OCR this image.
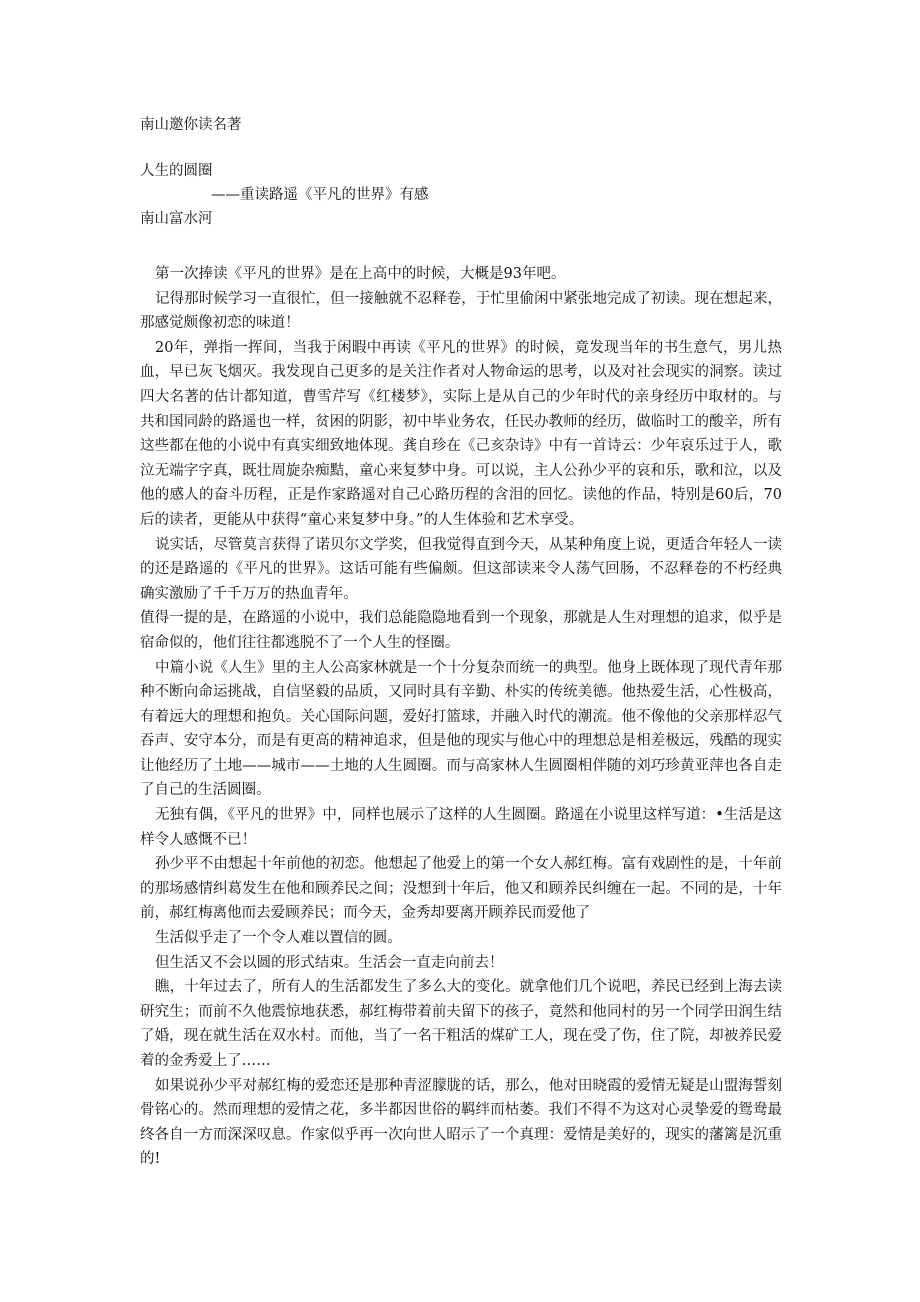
南山邀你读名著
人生的圆圈
——重读路遥《平凡的世界》有感
南山富水河

第一次捧读《平凡的世界》是在上高中的时候，大概是93年吧。

记得那时候学习一直很忙，但一接触就不忍释卷，于忙里偷闲中紧张地完成了初读。现在想起来，那感觉颇像初恋的味道！

20年，弹指一挥间，当我于闲暇中再读《平凡的世界》的时候，竟发现当年的书生意气，男儿热血，早已灰飞烟灭。我发现自己更多的是关注作者对人物命运的思考，以及对社会现实的洞察。读过四大名著的估计都知道，曹雪芹写《红楼梦》，实际上是从自己的少年时代的亲身经历中取材的。与共和国同龄的路遥也一样，贫困的阴影，初中毕业务农，任民办教师的经历，做临时工的酸辛，所有这些都在他的小说中有真实细致地体现。龚自珍在《己亥杂诗》中有一首诗云：少年哀乐过于人，歌泣无端字字真，既壮周旋杂痴黠，童心来复梦中身。可以说，主人公孙少平的哀和乐，歌和泣，以及他的感人的奋斗历程，正是作家路遥对自己心路历程的含泪的回忆。读他的作品，特别是60后，70后的读者，更能从中获得“童心来复梦中身。”的人生体验和艺术享受。

说实话，尽管莫言获得了诺贝尔文学奖，但我觉得直到今天，从某种角度上说，更适合年轻人一读的还是路遥的《平凡的世界》。这话可能有些偏颇。但这部读来令人荡气回肠，不忍释卷的不朽经典确实激励了千千万万的热血青年。

值得一提的是，在路遥的小说中，我们总能隐隐地看到一个现象，那就是人生对理想的追求，似乎是宿命似的，他们往往都逃脱不了一个人生的怪圈。

中篇小说《人生》里的主人公高家林就是一个十分复杂而统一的典型。他身上既体现了现代青年那种不断向命运挑战，自信坚毅的品质，又同时具有辛勤、朴实的传统美德。他热爱生活，心性极高，有着远大的理想和抱负。关心国际问题，爱好打篮球，并融入时代的潮流。他不像他的父亲那样忍气吞声、安守本分，而是有更高的精神追求，但是他的现实与他心中的理想总是相差极远，残酷的现实让他经历了土地——城市——土地的人生圆圈。而与高家林人生圆圈相伴随的刘巧珍黄亚萍也各自走了自己的生活圆圈。

无独有偶，《平凡的世界》中，同样也展示了这样的人生圆圈。路遥在小说里这样写道：•生活是这样令人感慨不已！

孙少平不由想起十年前他的初恋。他想起了他爱上的第一个女人郝红梅。富有戏剧性的是，十年前的那场感情纠葛发生在他和顾养民之间；没想到十年后，他又和顾养民纠缠在一起。不同的是，十年前，郝红梅离他而去爱顾养民；而今天，金秀却要离开顾养民而爱他了

生活似乎走了一个令人难以置信的圆。

但生活又不会以圆的形式结束。生活会一直走向前去！

瞧，十年过去了，所有人的生活都发生了多么大的变化。就拿他们几个说吧，养民已经到上海去读研究生；而前不久他震惊地获悉，郝红梅带着前夫留下的孩子，竟然和他同村的另一个同学田润生结了婚，现在就生活在双水村。而他，当了一名干粗活的煤矿工人，现在受了伤，住了院，却被养民爱着的金秀爱上了……

如果说孙少平对郝红梅的爱恋还是那种青涩朦胧的话，那么，他对田晓霞的爱情无疑是山盟海誓刻骨铭心的。然而理想的爱情之花，多半都因世俗的羁绊而枯萎。我们不得不为这对心灵挚爱的鸳鸯最终各自一方而深深叹息。作家似乎再一次向世人昭示了一个真理：爱情是美好的，现实的藩篱是沉重的!
